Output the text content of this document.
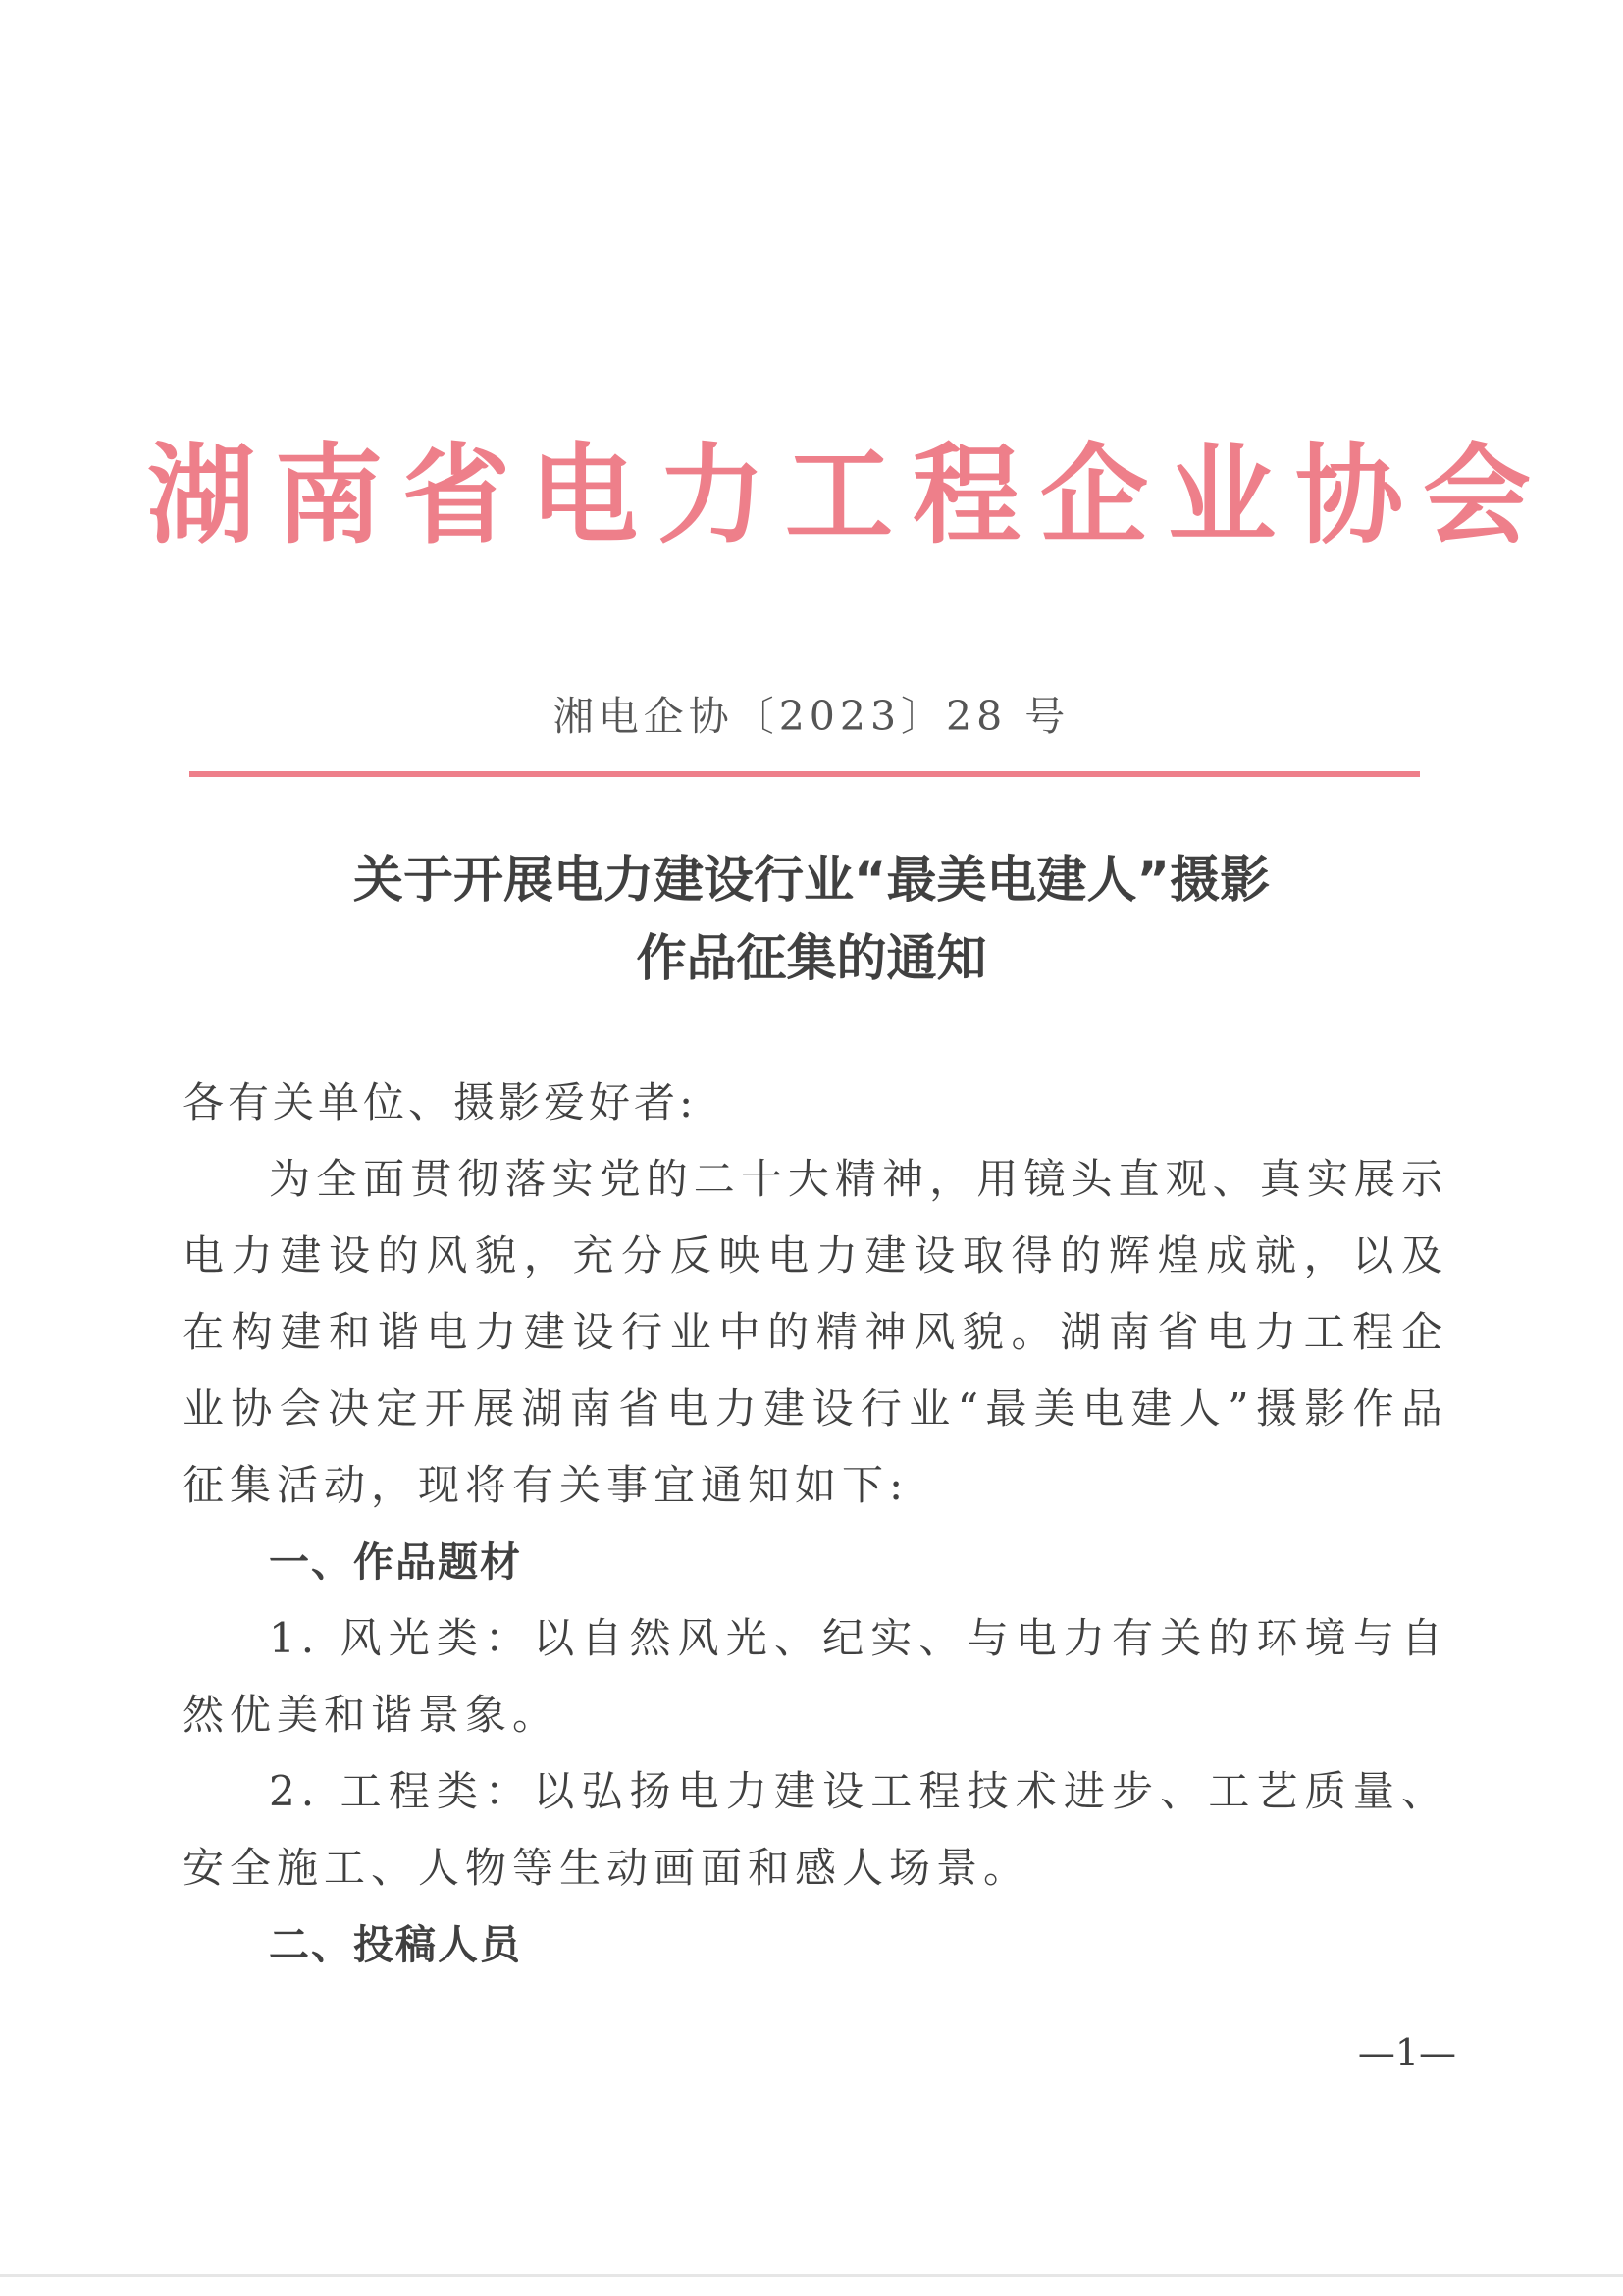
湖南省电力工程企业协会
湘电企协〔2023〕28 号
关于开展电力建设行业“最美电建人”摄影
作品征集的通知
各有关单位、摄影爱好者:
为全面贯彻落实党的二十大精神，用镜头直观、真实展示电力建设的风貌，充分反映电力建设取得的辉煌成就，以及在构建和谐电力建设行业中的精神风貌。湖南省电力工程企业协会决定开展湖南省电力建设行业“最美电建人”摄影作品征集活动，现将有关事宜通知如下:
一、作品题材
1. 风光类：以自然风光、纪实、与电力有关的环境与自然优美和谐景象。
2. 工程类：以弘扬电力建设工程技术进步、工艺质量、安全施工、人物等生动画面和感人场景。
二、投稿人员
—1—
